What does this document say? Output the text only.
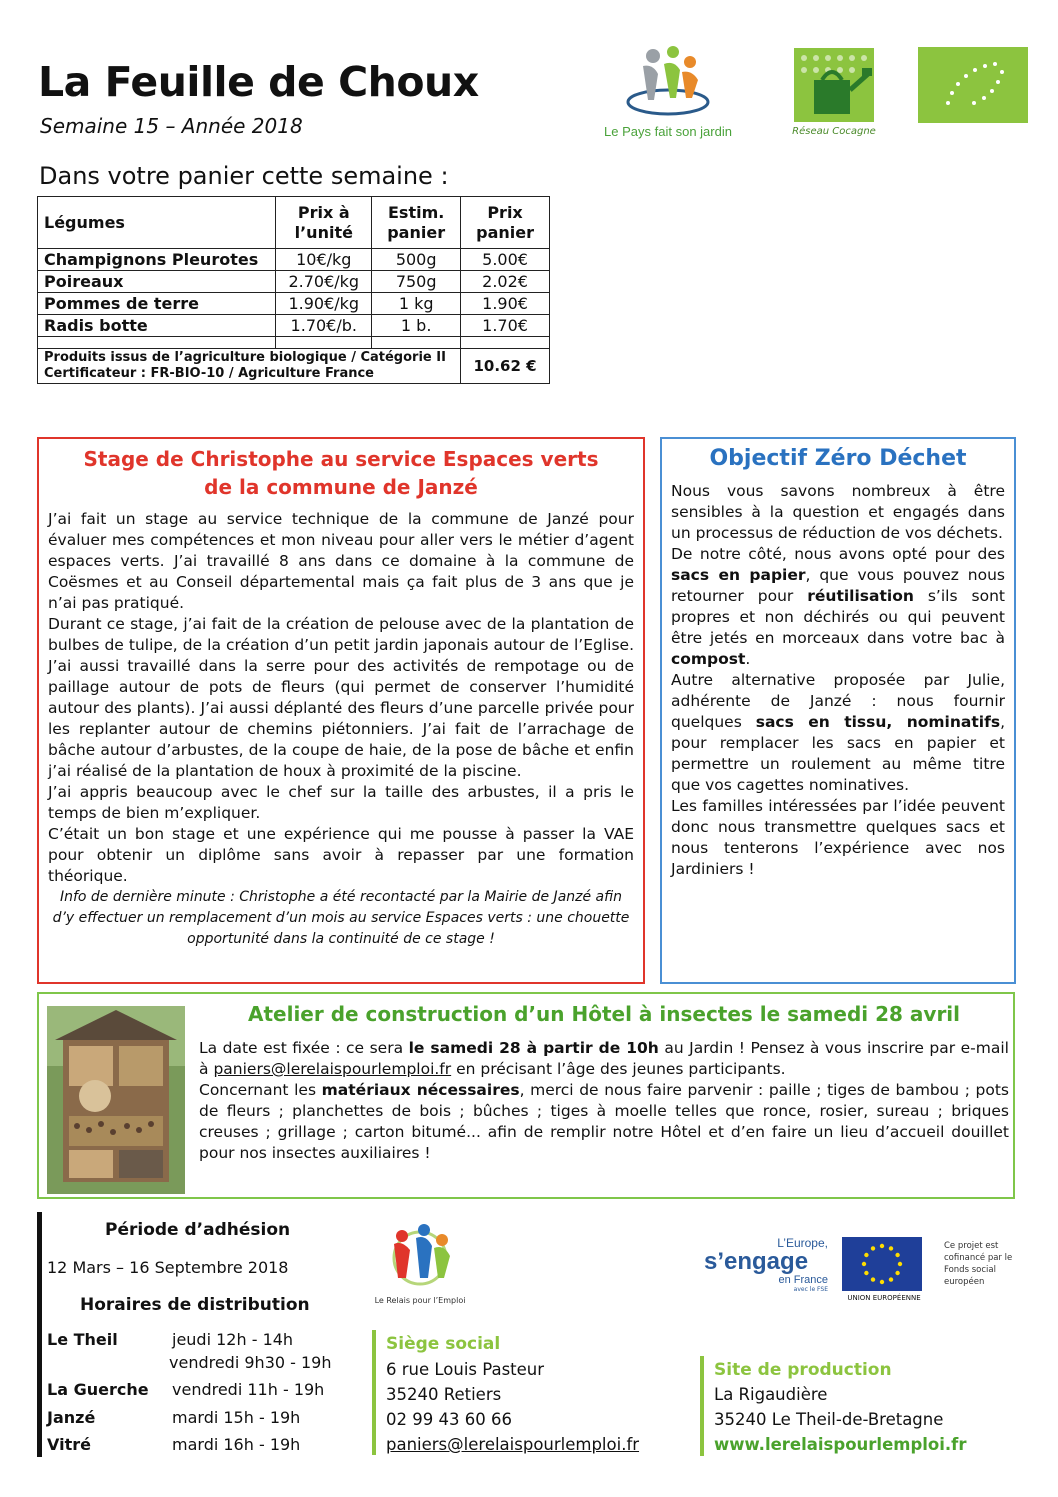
La Feuille de Choux
Semaine 15 – Année 2018
Dans votre panier cette semaine :
Le Pays fait son jardin	Réseau Cocagne
Légumes	Prix à l’unité	Estim. panier	Prix panier
Champignons Pleurotes	10€/kg	500g	5.00€
Poireaux	2.70€/kg	750g	2.02€
Pommes de terre	1.90€/kg	1 kg	1.90€
Radis botte	1.70€/b.	1 b.	1.70€

Produits issus de l’agriculture biologique / Catégorie II
Certificateur : FR-BIO-10 / Agriculture France			10.62 €
Stage de Christophe au service Espaces verts
de la commune de Janzé
J’ai fait un stage au service technique de la commune de Janzé pour évaluer mes compétences et mon niveau pour aller vers le métier d’agent espaces verts. J’ai travaillé 8 ans dans ce domaine à la commune de Coësmes et au Conseil départemental mais ça fait plus de 3 ans que je n’ai pas pratiqué.
Durant ce stage, j’ai fait de la création de pelouse avec de la plantation de bulbes de tulipe, de la création d’un petit jardin japonais autour de l’Eglise. J’ai aussi travaillé dans la serre pour des activités de rempotage ou de paillage autour de pots de fleurs (qui permet de conserver l’humidité autour des plants). J’ai aussi déplanté des fleurs d’une parcelle privée pour les replanter autour de chemins piétonniers. J’ai fait de l’arrachage de bâche autour d’arbustes, de la coupe de haie, de la pose de bâche et enfin j’ai réalisé de la plantation de houx à proximité de la piscine.
J’ai appris beaucoup avec le chef sur la taille des arbustes, il a pris le temps de bien m’expliquer.
C’était un bon stage et une expérience qui me pousse à passer la VAE pour obtenir un diplôme sans avoir à repasser par une formation théorique.
Info de dernière minute : Christophe a été recontacté par la Mairie de Janzé afin d’y effectuer un remplacement d’un mois au service Espaces verts : une chouette opportunité dans la continuité de ce stage !
Objectif Zéro Déchet
Nous vous savons nombreux à être sensibles à la question et engagés dans un processus de réduction de vos déchets.
De notre côté, nous avons opté pour des sacs en papier, que vous pouvez nous retourner pour réutilisation s’ils sont propres et non déchirés ou qui peuvent être jetés en morceaux dans votre bac à compost.
Autre alternative proposée par Julie, adhérente de Janzé : nous fournir quelques sacs en tissu, nominatifs, pour remplacer les sacs en papier et permettre un roulement au même titre que vos cagettes nominatives.
Les familles intéressées par l’idée peuvent donc nous transmettre quelques sacs et nous tenterons l’expérience avec nos Jardiniers !
Atelier de construction d’un Hôtel à insectes le samedi 28 avril
La date est fixée : ce sera le samedi 28 à partir de 10h au Jardin ! Pensez à vous inscrire par e-mail à paniers@lerelaispourlemploi.fr en précisant l’âge des jeunes participants.
Concernant les matériaux nécessaires, merci de nous faire parvenir : paille ; tiges de bambou ; pots de fleurs ; planchettes de bois ; bûches ; tiges à moelle telles que ronce, rosier, sureau ; briques creuses ; grillage ; carton bitumé... afin de remplir notre Hôtel et d’en faire un lieu d’accueil douillet pour nos insectes auxiliaires !
Période d’adhésion
12 Mars – 16 Septembre 2018
Horaires de distribution
Le Theil	jeudi 12h - 14h
vendredi 9h30 - 19h
La Guerche vendredi 11h - 19h
Janzé	mardi 15h - 19h
Vitré	mardi 16h - 19h
Le Relais pour l’Emploi
Siège social
6 rue Louis Pasteur
35240 Retiers
02 99 43 60 66
paniers@lerelaispourlemploi.fr
Site de production
La Rigaudière
35240 Le Theil-de-Bretagne
www.lerelaispourlemploi.fr
L’Europe,
s’engage
en France
avec le FSE
UNION EUROPÉENNE
Ce projet est cofinancé par le Fonds social européen
